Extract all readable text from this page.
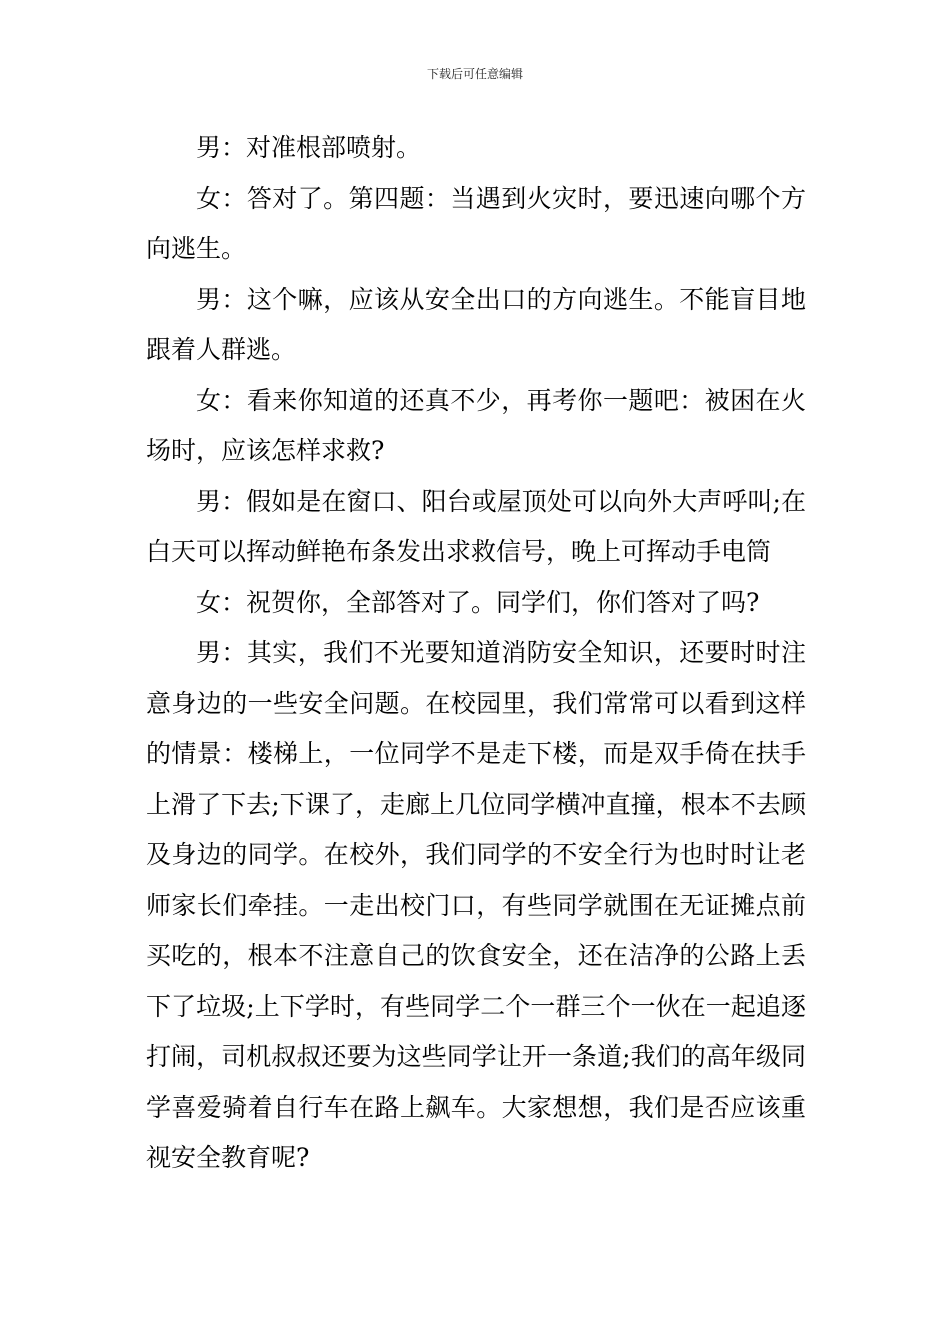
下载后可任意编辑

男：对准根部喷射。

女：答对了。第四题：当遇到火灾时，要迅速向哪个方向逃生。

男：这个嘛，应该从安全出口的方向逃生。不能盲目地跟着人群逃。

女：看来你知道的还真不少，再考你一题吧：被困在火场时，应该怎样求救?

男：假如是在窗口、阳台或屋顶处可以向外大声呼叫;在白天可以挥动鲜艳布条发出求救信号，晚上可挥动手电筒

女：祝贺你，全部答对了。同学们，你们答对了吗?

男：其实，我们不光要知道消防安全知识，还要时时注意身边的一些安全问题。在校园里，我们常常可以看到这样的情景：楼梯上，一位同学不是走下楼，而是双手倚在扶手上滑了下去;下课了，走廊上几位同学横冲直撞，根本不去顾及身边的同学。在校外，我们同学的不安全行为也时时让老师家长们牵挂。一走出校门口，有些同学就围在无证摊点前买吃的，根本不注意自己的饮食安全，还在洁净的公路上丢下了垃圾;上下学时，有些同学二个一群三个一伙在一起追逐打闹，司机叔叔还要为这些同学让开一条道;我们的高年级同学喜爱骑着自行车在路上飙车。大家想想，我们是否应该重视安全教育呢?
